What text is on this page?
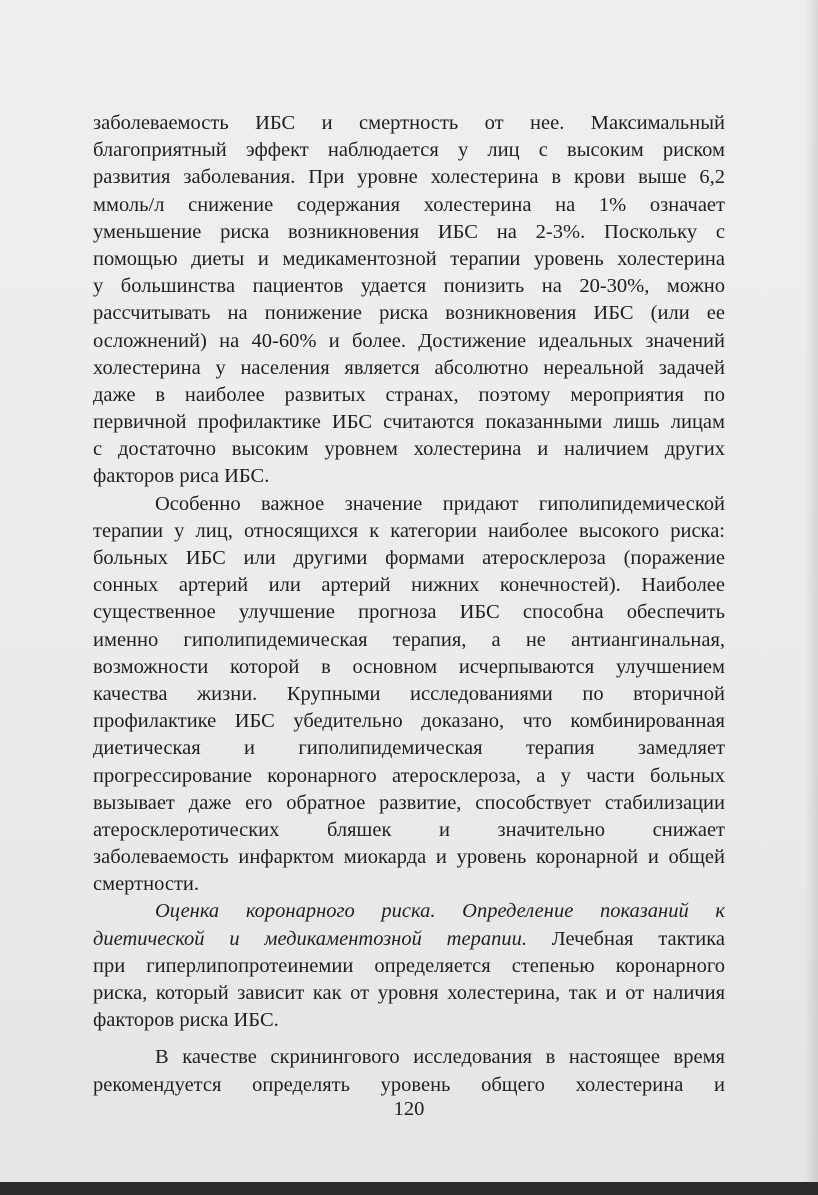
заболеваемость ИБС и смертность от нее. Максимальный
благоприятный эффект наблюдается у лиц с высоким риском
развития заболевания. При уровне холестерина в крови выше 6,2
ммоль/л снижение содержания холестерина на 1% означает
уменьшение риска возникновения ИБС на 2-3%. Поскольку с
помощью диеты и медикаментозной терапии уровень холестерина
у большинства пациентов удается понизить на 20-30%, можно
рассчитывать на понижение риска возникновения ИБС (или ее
осложнений) на 40-60% и более. Достижение идеальных значений
холестерина у населения является абсолютно нереальной задачей
даже в наиболее развитых странах, поэтому мероприятия по
первичной профилактике ИБС считаются показанными лишь лицам
с достаточно высоким уровнем холестерина и наличием других
факторов риса ИБС.
Особенно важное значение придают гиполипидемической
терапии у лиц, относящихся к категории наиболее высокого риска:
больных ИБС или другими формами атеросклероза (поражение
сонных артерий или артерий нижних конечностей). Наиболее
существенное улучшение прогноза ИБС способна обеспечить
именно гиполипидемическая терапия, а не антиангинальная,
возможности которой в основном исчерпываются улучшением
качества жизни. Крупными исследованиями по вторичной
профилактике ИБС убедительно доказано, что комбинированная
диетическая и гиполипидемическая терапия замедляет
прогрессирование коронарного атеросклероза, а у части больных
вызывает даже его обратное развитие, способствует стабилизации
атеросклеротических бляшек и значительно снижает
заболеваемость инфарктом миокарда и уровень коронарной и общей
смертности.
Оценка коронарного риска. Определение показаний к
диетической и медикаментозной терапии. Лечебная тактика
при гиперлипопротеинемии определяется степенью коронарного
риска, который зависит как от уровня холестерина, так и от наличия
факторов риска ИБС.
В качестве скринингового исследования в настоящее время
рекомендуется определять уровень общего холестерина и
120
